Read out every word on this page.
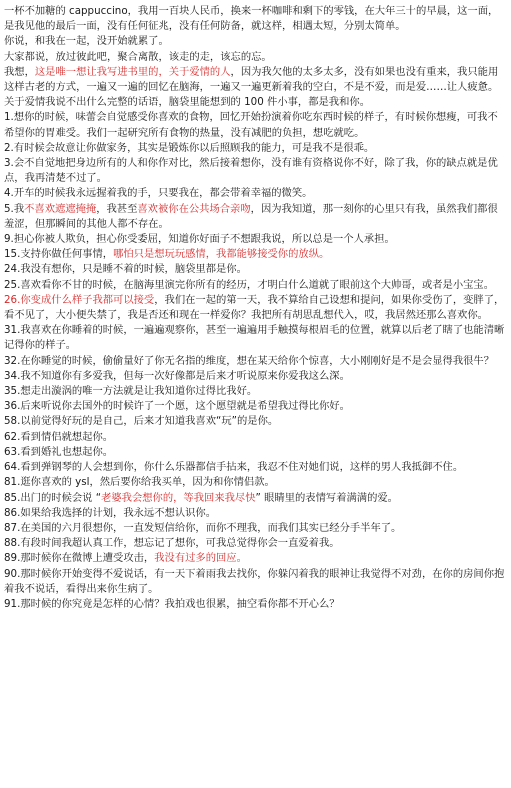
一杯不加糖的 cappuccino，我用一百块人民币，换来一杯咖啡和剩下的零钱，在大年三十的早晨，这一面，是我见他的最后一面，没有任何征兆，没有任何防备，就这样，相遇太短，分别太简单。

你说，和我在一起，没开始就累了。

大家都说，放过彼此吧，聚合离散，该走的走，该忘的忘。

我想，这是唯一想让我写进书里的，关于爱情的人，因为我欠他的太多太多，没有如果也没有重来，我只能用这样古老的方式，一遍又一遍的回忆在脑海，一遍又一遍更新着我的空白，不是不爱，而是爱……让人疲惫。

关于爱情我说不出什么完整的话语，脑袋里能想到的 100 件小事，都是我和你。

1.想你的时候，味蕾会自觉感受你喜欢的食物，回忆开始扮演着你吃东西时候的样子，有时候你想瘦，可我不希望你的胃难受。我们一起研究所有食物的热量，没有减肥的负担，想吃就吃。

2.有时候会故意让你做家务，其实是锻炼你以后照顾我的能力，可是我不是很乖。

3.会不自觉地把身边所有的人和你作对比，然后接着想你，没有谁有资格说你不好，除了我，你的缺点就是优点，我再清楚不过了。

4.开车的时候我永远握着我的手，只要我在，都会带着幸福的微笑。

5.我不喜欢遮遮掩掩，我甚至喜欢被你在公共场合亲吻，因为我知道，那一刻你的心里只有我，虽然我们都很羞涩，但那瞬间的其他人都不存在。

9.担心你被人欺负，担心你受委屈，知道你好面子不想跟我说，所以总是一个人承担。

15.支持你做任何事情，哪怕只是想玩玩感情，我都能够接受你的放纵。

24.我没有想你，只是睡不着的时候，脑袋里都是你。

25.喜欢看你不甘的时候，在脑海里演完你所有的经历，才明白什么道就了眼前这个大帅哥，或者是小宝宝。

26.你变成什么样子我都可以接受，我们在一起的第一天，我不算给自己设想和提问，如果你受伤了，变胖了，看不见了，大小便失禁了，我是否还和现在一样爱你？我把所有胡思乱想代入，哎，我居然还那么喜欢你。

31.我喜欢在你睡着的时候，一遍遍观察你，甚至一遍遍用手触摸每根眉毛的位置，就算以后老了瞎了也能清晰记得你的样子。

32.在你睡觉的时候，偷偷量好了你无名指的维度，想在某天给你个惊喜，大小刚刚好是不是会显得我很牛？

34.我不知道你有多爱我，但每一次好像都是后来才听说原来你爱我这么深。

35.想走出漩涡的唯一方法就是让我知道你过得比我好。

36.后来听说你去国外的时候许了一个愿，这个愿望就是希望我过得比你好。

58.以前觉得好玩的是自己，后来才知道我喜欢“玩”的是你。

62.看到情侣就想起你。

63.看到婚礼也想起你。

64.看到弹钢琴的人会想到你，你什么乐器都信手拈来，我忍不住对她们说，这样的男人我抵御不住。

81.逛你喜欢的 ysl，然后要你给我买单，因为和你情侣款。

85.出门的时候会说 “老婆我会想你的，等我回来我尽快” 眼睛里的表情写着满满的爱。

86.如果给我选择的计划，我永远不想认识你。

87.在美国的六月很想你，一直发短信给你，而你不理我，而我们其实已经分手半年了。

88.有段时间我超认真工作，想忘记了想你，可我总觉得你会一直爱着我。

89.那时候你在微博上遭受攻击，我没有过多的回应。

90.那时候你开始变得不爱说话，有一天下着雨我去找你，你躲闪着我的眼神让我觉得不对劲，在你的房间你抱着我不说话，看得出来你生病了。

91.那时候的你究竟是怎样的心情？我拍戏也很累，抽空看你都不开心么？
